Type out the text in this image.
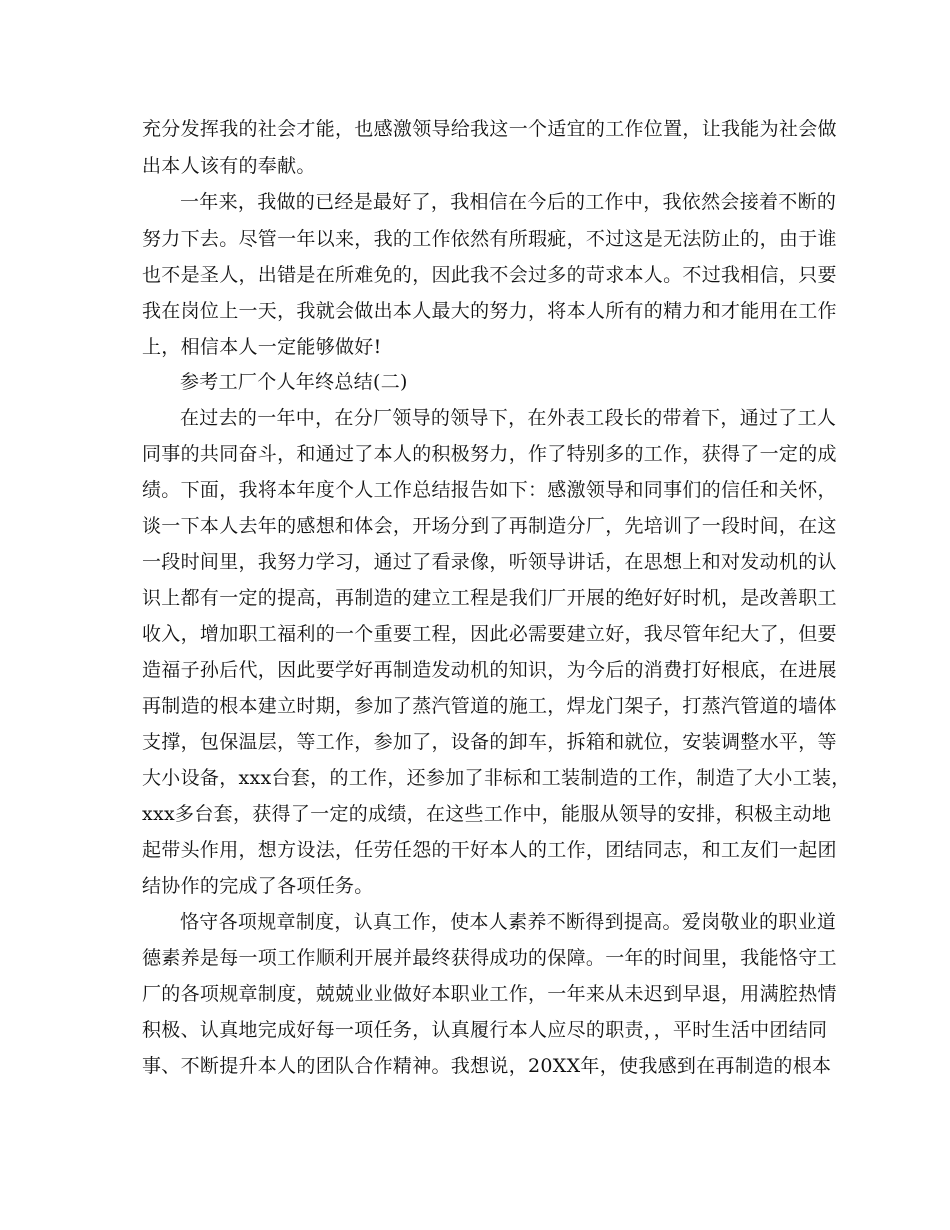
充分发挥我的社会才能，也感激领导给我这一个适宜的工作位置，让我能为社会做

出本人该有的奉献。

一年来，我做的已经是最好了，我相信在今后的工作中，我依然会接着不断的

努力下去。尽管一年以来，我的工作依然有所瑕疵，不过这是无法防止的，由于谁

也不是圣人，出错是在所难免的，因此我不会过多的苛求本人。不过我相信，只要

我在岗位上一天，我就会做出本人最大的努力，将本人所有的精力和才能用在工作

上，相信本人一定能够做好!

参考工厂个人年终总结(二)

在过去的一年中，在分厂领导的领导下，在外表工段长的带着下，通过了工人

同事的共同奋斗，和通过了本人的积极努力，作了特别多的工作，获得了一定的成

绩。下面，我将本年度个人工作总结报告如下：感激领导和同事们的信任和关怀，

谈一下本人去年的感想和体会，开场分到了再制造分厂，先培训了一段时间，在这

一段时间里，我努力学习，通过了看录像，听领导讲话，在思想上和对发动机的认

识上都有一定的提高，再制造的建立工程是我们厂开展的绝好好时机，是改善职工

收入，增加职工福利的一个重要工程，因此必需要建立好，我尽管年纪大了，但要

造福子孙后代，因此要学好再制造发动机的知识，为今后的消费打好根底，在进展

再制造的根本建立时期，参加了蒸汽管道的施工，焊龙门架子，打蒸汽管道的墙体

支撑，包保温层，等工作，参加了，设备的卸车，拆箱和就位，安装调整水平，等

大小设备，xxx台套，的工作，还参加了非标和工装制造的工作，制造了大小工装，

xxx多台套，获得了一定的成绩，在这些工作中，能服从领导的安排，积极主动地

起带头作用，想方设法，任劳任怨的干好本人的工作，团结同志，和工友们一起团

结协作的完成了各项任务。

恪守各项规章制度，认真工作，使本人素养不断得到提高。爱岗敬业的职业道

德素养是每一项工作顺利开展并最终获得成功的保障。一年的时间里，我能恪守工

厂的各项规章制度，兢兢业业做好本职业工作，一年来从未迟到早退，用满腔热情

积极、认真地完成好每一项任务，认真履行本人应尽的职责，，平时生活中团结同

事、不断提升本人的团队合作精神。我想说，20XX年，使我感到在再制造的根本
